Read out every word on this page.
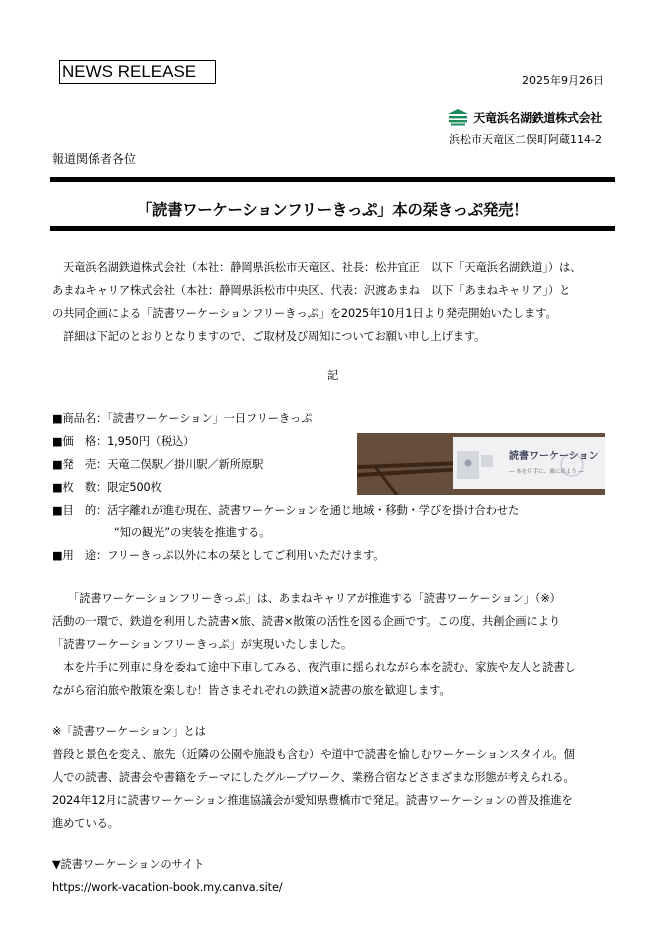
NEWS RELEASE	2025年9月26日
天竜浜名湖鉄道株式会社
浜松市天竜区二俣町阿蔵114-2
報道関係者各位
「読書ワーケーションフリーきっぷ」本の栞きっぷ発売！
天竜浜名湖鉄道株式会社（本社：静岡県浜松市天竜区、社長：松井宜正　以下「天竜浜名湖鉄道」）は、
あまねキャリア株式会社（本社：静岡県浜松市中央区、代表：沢渡あまね　以下「あまねキャリア」）と
の共同企画による「読書ワーケーションフリーきっぷ」を2025年10月1日より発売開始いたします。
詳細は下記のとおりとなりますので、ご取材及び周知についてお願い申し上げます。
記
■商品名：「読書ワーケーション」一日フリーきっぷ
■価　格：1,950円（税込）
■発　売：天竜二俣駅／掛川駅／新所原駅
■枚　数：限定500枚
■目　的：活字離れが進む現在、読書ワーケーションを通じ地域・移動・学びを掛け合わせた
“知の観光”の実装を推進する。
■用　途：フリーきっぷ以外に本の栞としてご利用いただけます。
読書ワーケーション
― 本を片手に、旅に出よう ―
「読書ワーケーションフリーきっぷ」は、あまねキャリアが推進する「読書ワーケーション」（※）
活動の一環で、鉄道を利用した読書×旅、読書×散策の活性を図る企画です。この度、共創企画により
「読書ワーケーションフリーきっぷ」が実現いたしました。
本を片手に列車に身を委ねて途中下車してみる、夜汽車に揺られながら本を読む、家族や友人と読書し
ながら宿泊旅や散策を楽しむ！皆さまそれぞれの鉄道×読書の旅を歓迎します。
※「読書ワーケーション」とは
普段と景色を変え、旅先（近隣の公園や施設も含む）や道中で読書を愉しむワーケーションスタイル。個
人での読書、読書会や書籍をテーマにしたグループワーク、業務合宿などさまざまな形態が考えられる。
2024年12月に読書ワーケーション推進協議会が愛知県豊橋市で発足。読書ワーケーションの普及推進を
進めている。
▼読書ワーケーションのサイト
https://work-vacation-book.my.canva.site/
